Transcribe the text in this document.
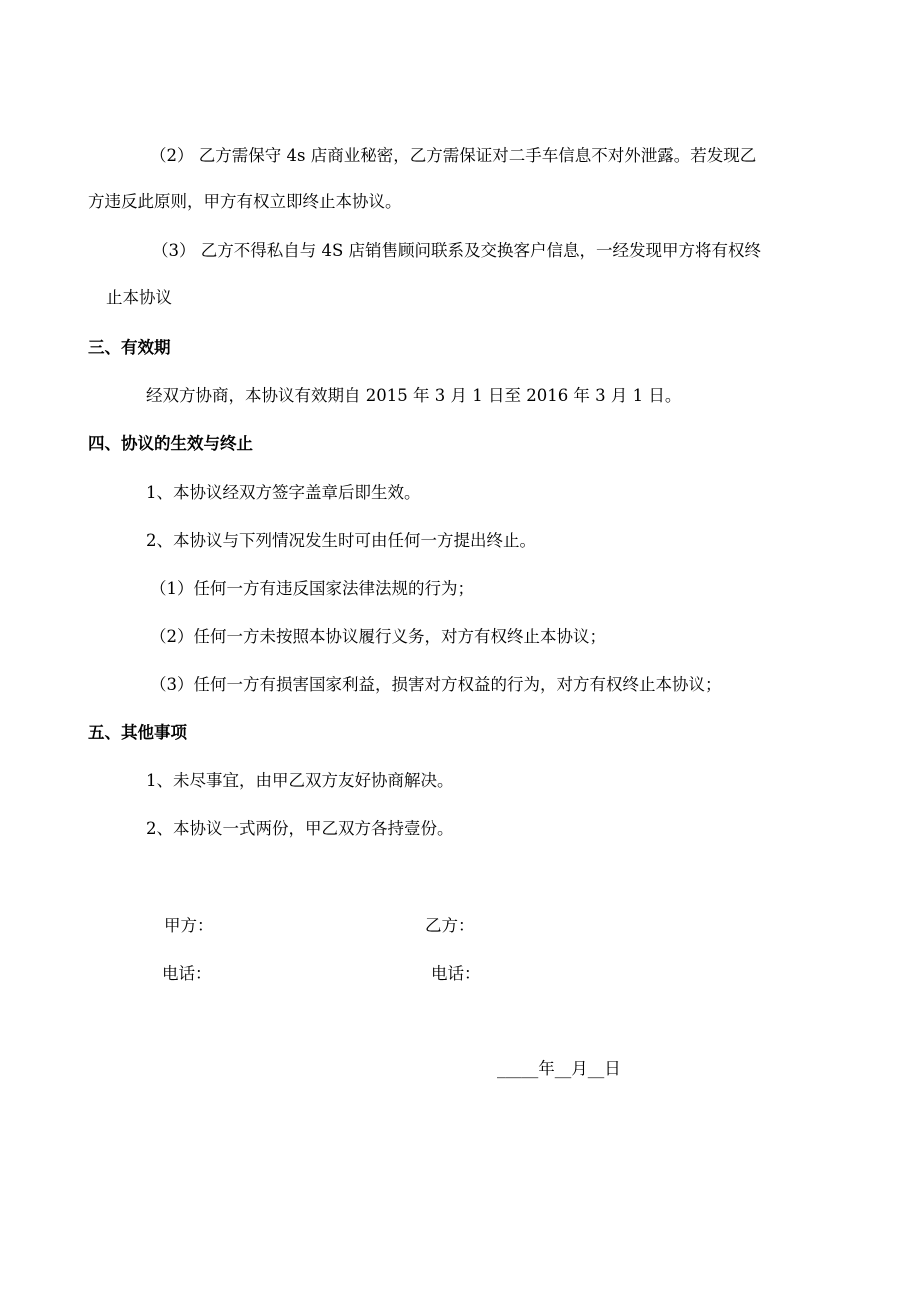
（2） 乙方需保守 4s 店商业秘密，乙方需保证对二手车信息不对外泄露。若发现乙
方违反此原则，甲方有权立即终止本协议。
（3） 乙方不得私自与 4S 店销售顾问联系及交换客户信息，一经发现甲方将有权终
止本协议
三、有效期
经双方协商，本协议有效期自 2015 年 3 月 1 日至 2016 年 3 月 1 日。
四、协议的生效与终止
1、本协议经双方签字盖章后即生效。
2、本协议与下列情况发生时可由任何一方提出终止。
（1）任何一方有违反国家法律法规的行为；
（2）任何一方未按照本协议履行义务，对方有权终止本协议；
（3）任何一方有损害国家利益，损害对方权益的行为，对方有权终止本协议；
五、其他事项
1、未尽事宜，由甲乙双方友好协商解决。
2、本协议一式两份，甲乙双方各持壹份。
甲方：	乙方：
电话：	电话：
_____年__月__日
